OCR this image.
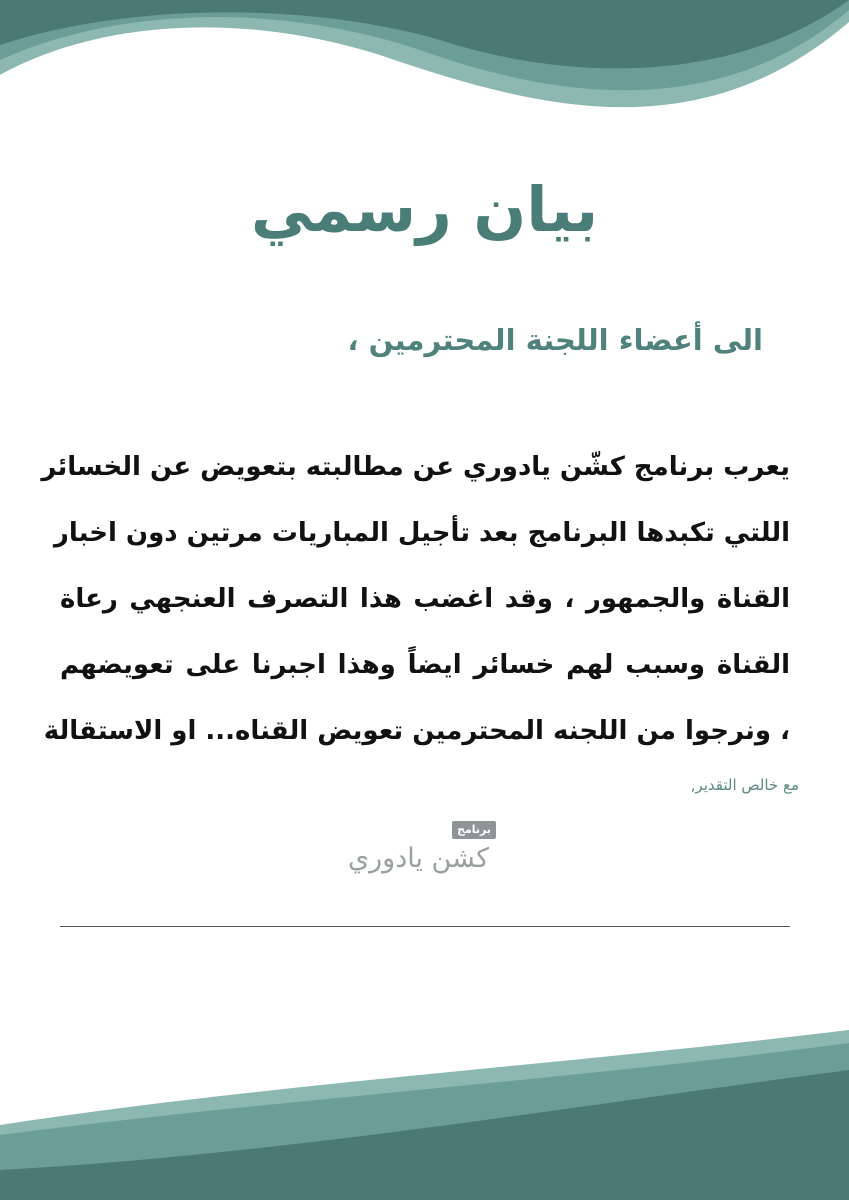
بيان رسمي
الى أعضاء اللجنة المحترمين ،
يعرب برنامج كشّن يادوري عن مطالبته بتعويض عن الخسائر
اللتي تكبدها البرنامج بعد تأجيل المباريات مرتين دون اخبار
القناة والجمهور ، وقد اغضب هذا التصرف العنجهي رعاة
القناة وسبب لهم خسائر ايضاً وهذا اجبرنا على تعويضهم
، ونرجوا من اللجنه المحترمين تعويض القناه... او الاستقالة
مع خالص التقدير,
برنامج
كشن يادوري
